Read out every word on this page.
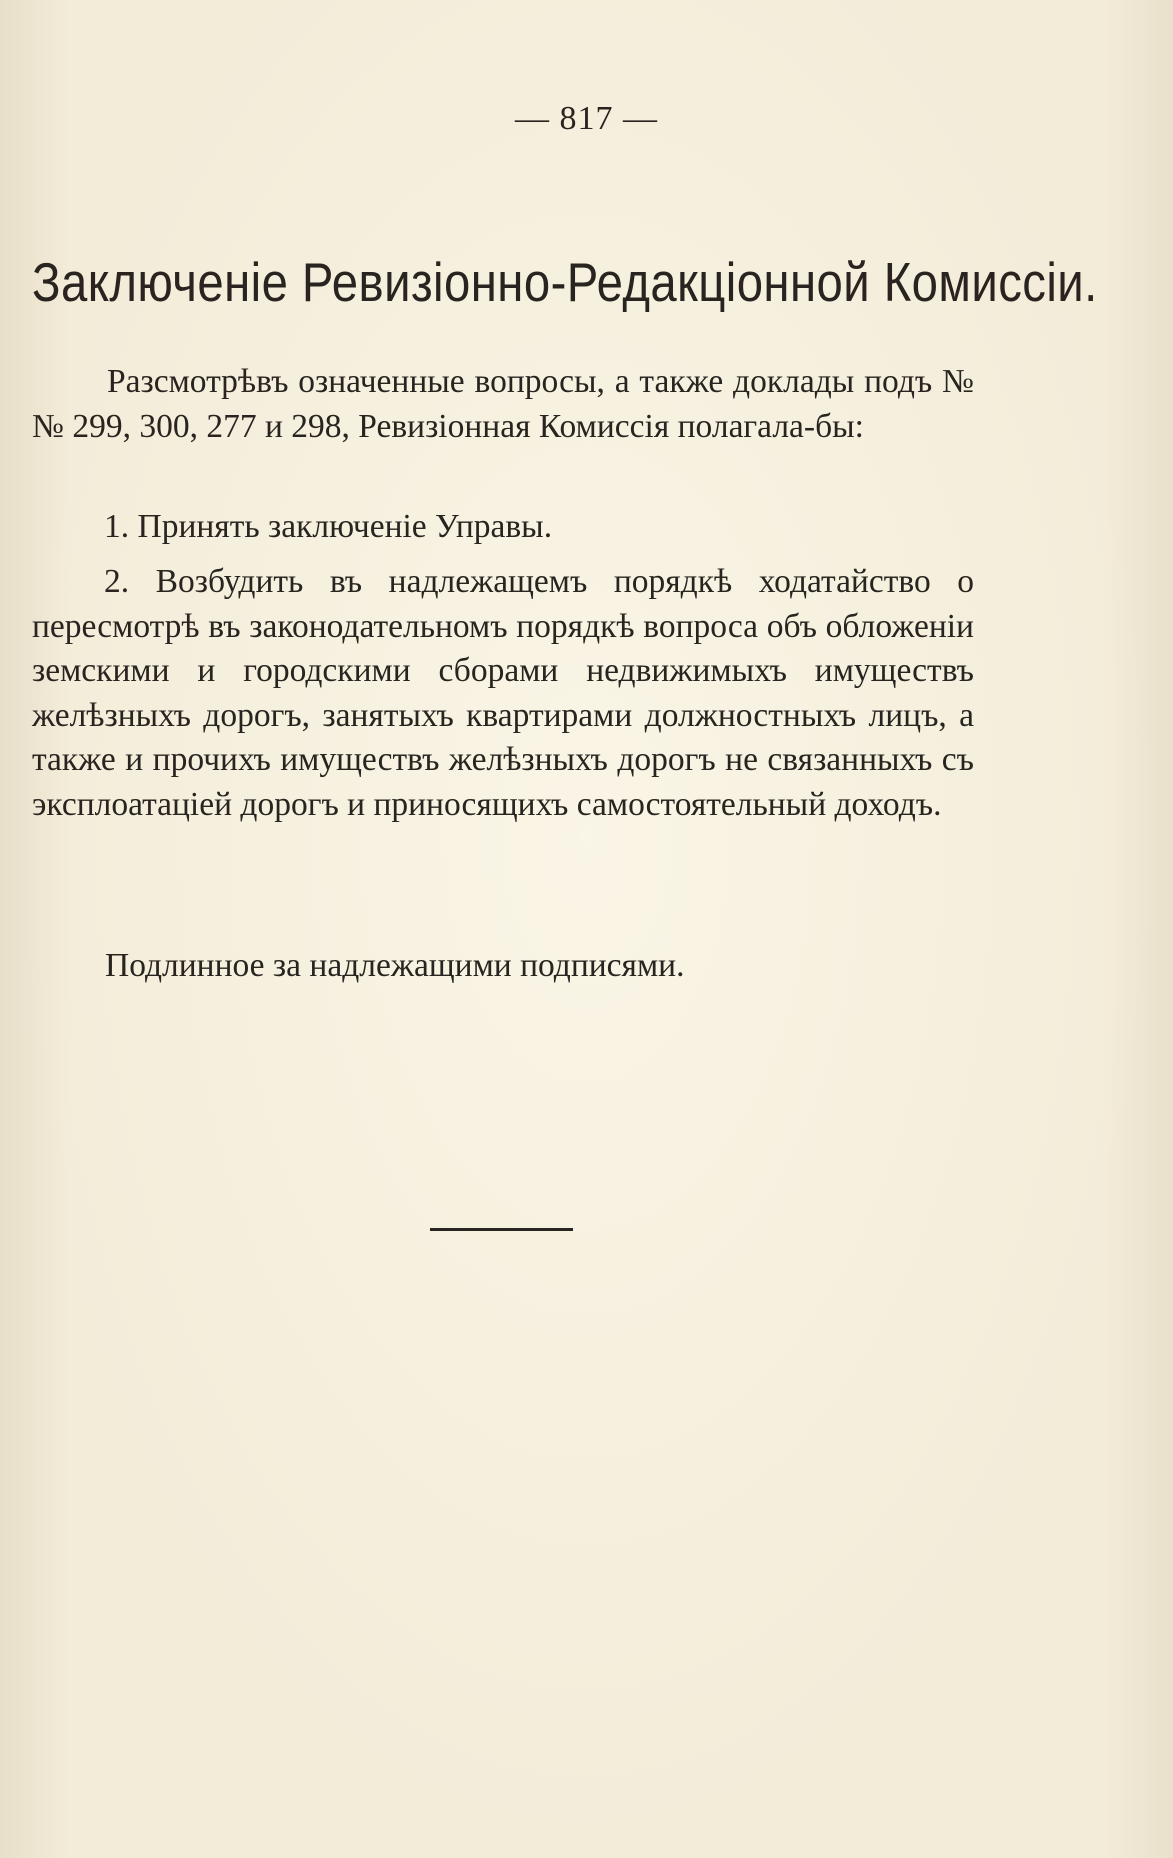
— 817 —
Заключеніе Ревизіонно-Редакціонной Комиссіи.
Разсмотрѣвъ означенные вопросы, а также доклады подъ №№ 299, 300, 277 и 298, Ревизіонная Комиссія полагала-бы:
1. Принять заключеніе Управы.
2. Возбудить въ надлежащемъ порядкѣ ходатайство о пересмотрѣ въ законодательномъ порядкѣ вопроса объ обложеніи земскими и городскими сборами недвижимыхъ имуществъ желѣзныхъ дорогъ, занятыхъ квартирами должностныхъ лицъ, а также и прочихъ имуществъ желѣзныхъ дорогъ не связанныхъ съ эксплоатаціей дорогъ и приносящихъ самостоятельный доходъ.
Подлинное за надлежащими подписями.
